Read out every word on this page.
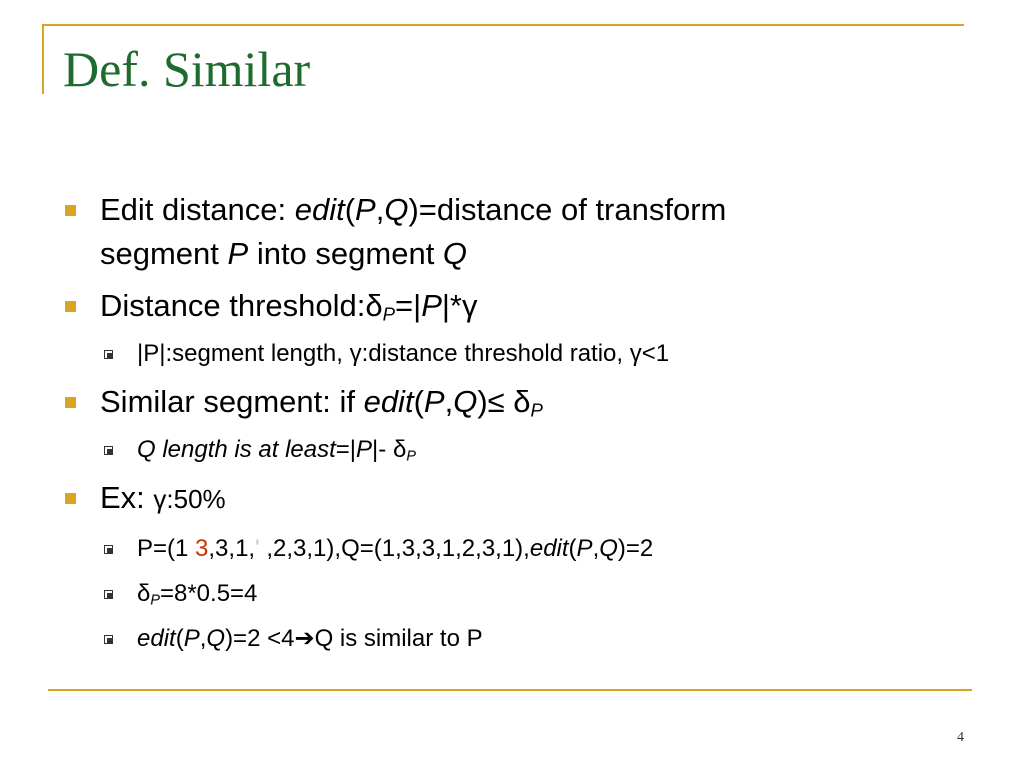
Def. Similar
Edit distance: edit(P,Q)=distance of transform
segment P into segment Q
Distance $threshold:\delta_P=|P|*\gamma$
|P|:segment length, γ:distance threshold ratio, γ<1
Similar segment: if edit(P,Q)≤ $\delta_P$
Q length is at least=|P|- $\delta_P$
Ex: γ:50%
P=(1 3,3,1,' ,2,3,1),Q=(1,3,3,1,2,3,1),edit(P,Q)=2
$\delta_P=8*0.5=4$
edit(P,Q)=2 <4➔Q is similar to P
4
